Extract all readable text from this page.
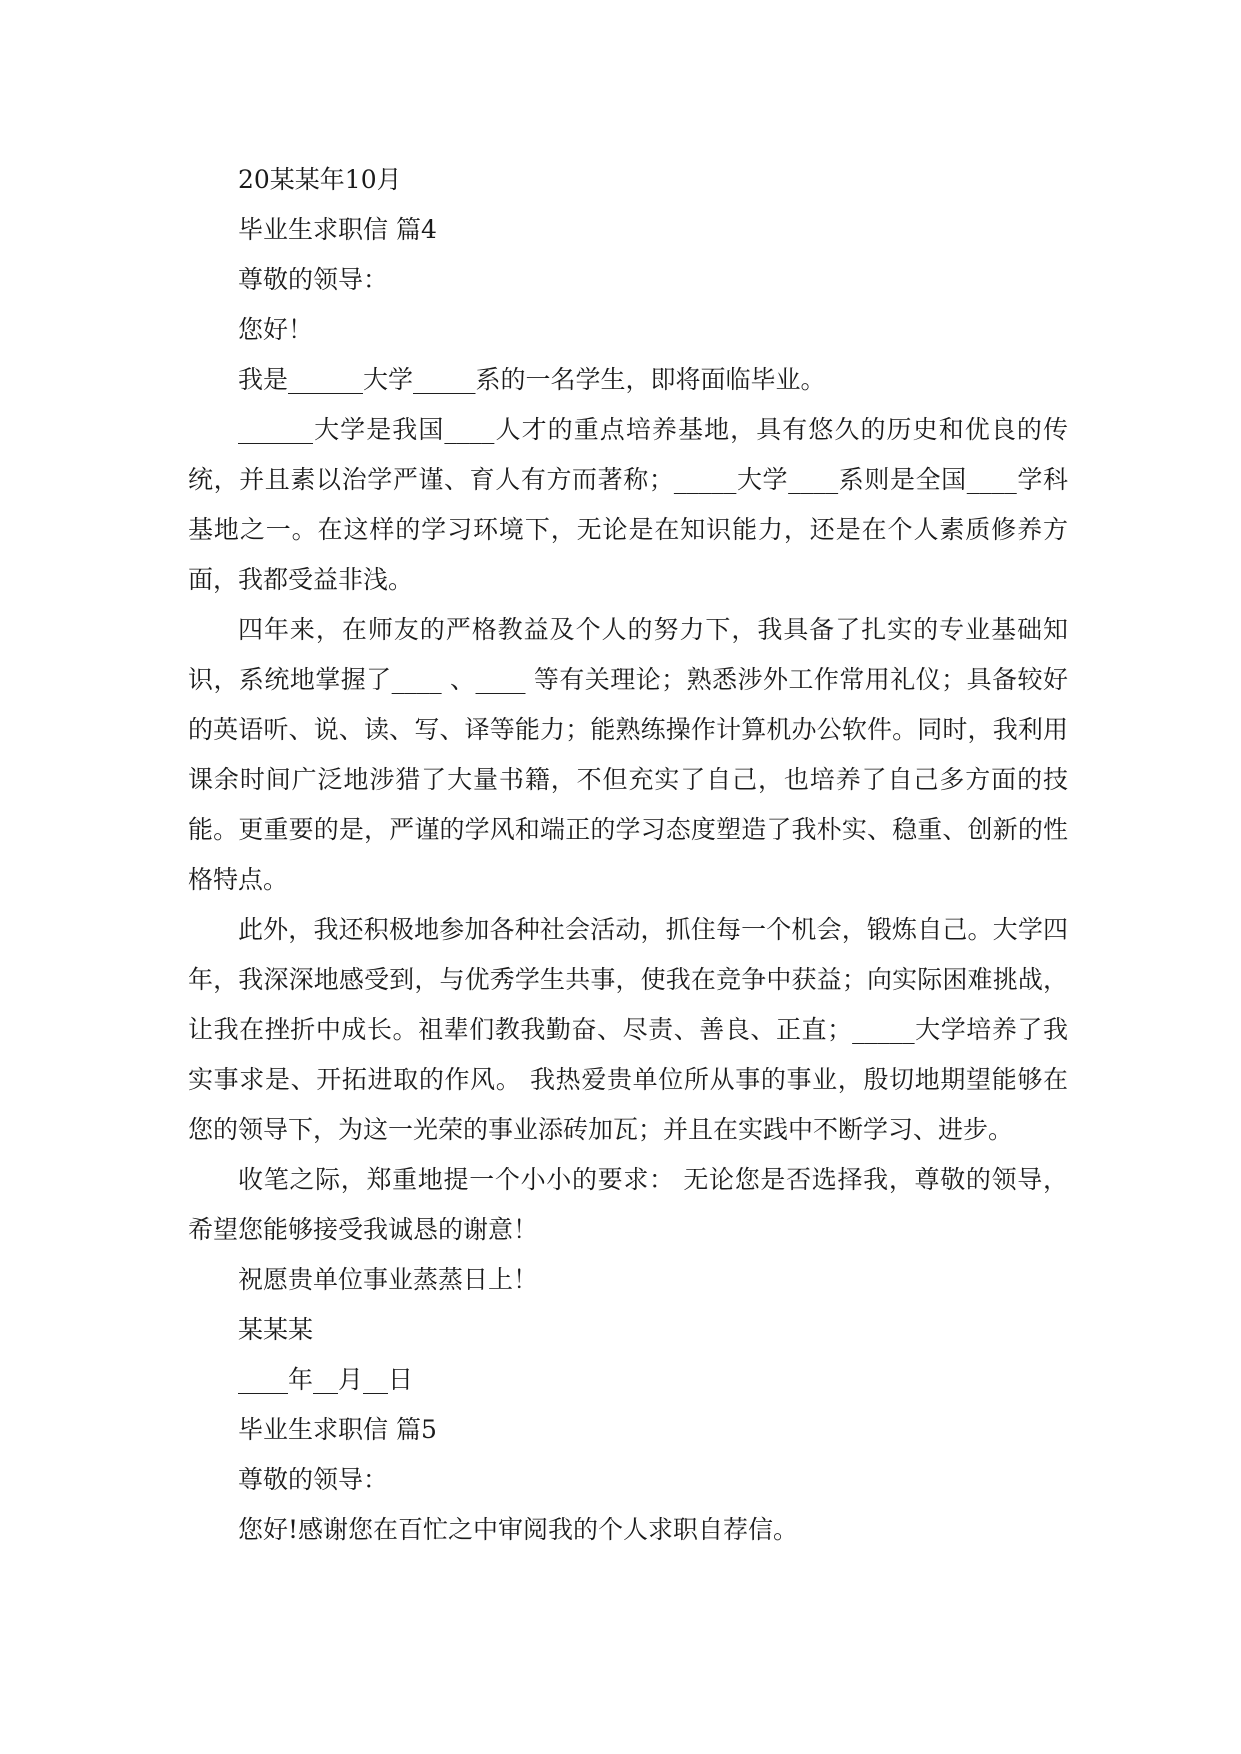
20某某年10月

毕业生求职信 篇4

尊敬的领导：

您好！

我是______大学_____系的一名学生，即将面临毕业。

______大学是我国____人才的重点培养基地，具有悠久的历史和优良的传统，并且素以治学严谨、育人有方而著称；_____大学____系则是全国____学科基地之一。在这样的学习环境下，无论是在知识能力，还是在个人素质修养方面，我都受益非浅。

四年来，在师友的严格教益及个人的努力下，我具备了扎实的专业基础知识，系统地掌握了____ 、____ 等有关理论；熟悉涉外工作常用礼仪；具备较好的英语听、说、读、写、译等能力；能熟练操作计算机办公软件。同时，我利用课余时间广泛地涉猎了大量书籍，不但充实了自己，也培养了自己多方面的技能。更重要的是，严谨的学风和端正的学习态度塑造了我朴实、稳重、创新的性格特点。

此外，我还积极地参加各种社会活动，抓住每一个机会，锻炼自己。大学四年，我深深地感受到，与优秀学生共事，使我在竞争中获益；向实际困难挑战，让我在挫折中成长。祖辈们教我勤奋、尽责、善良、正直；_____大学培养了我实事求是、开拓进取的作风。 我热爱贵单位所从事的事业，殷切地期望能够在您的领导下，为这一光荣的事业添砖加瓦；并且在实践中不断学习、进步。

收笔之际，郑重地提一个小小的要求： 无论您是否选择我，尊敬的领导，希望您能够接受我诚恳的谢意！

祝愿贵单位事业蒸蒸日上！

某某某

____年__月__日

毕业生求职信 篇5

尊敬的领导：

您好!感谢您在百忙之中审阅我的个人求职自荐信。
